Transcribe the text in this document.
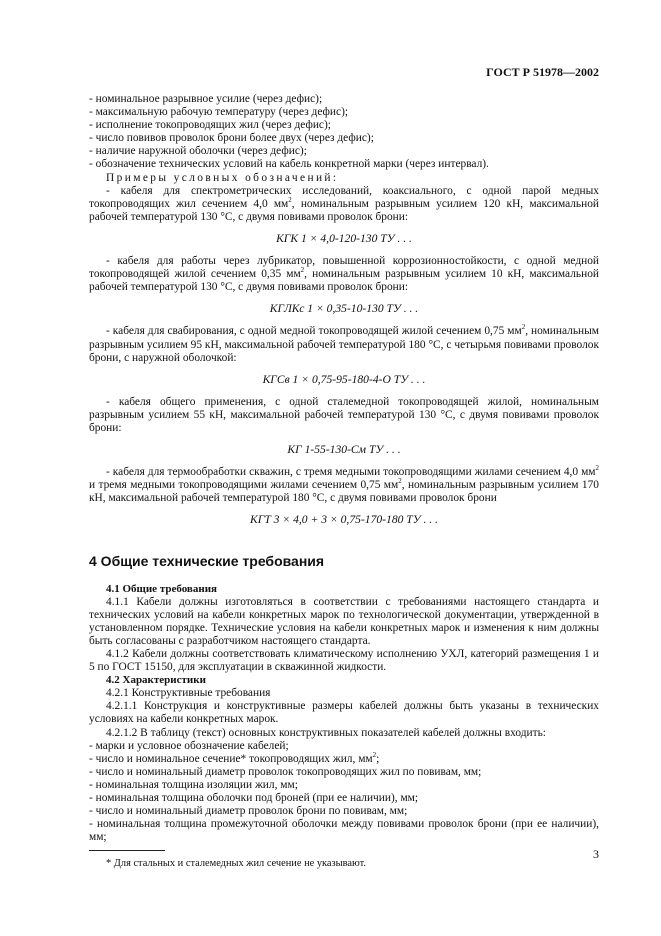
ГОСТ Р 51978—2002

- номинальное разрывное усилие (через дефис);

- максимальную рабочую температуру (через дефис);

- исполнение токопроводящих жил (через дефис);

- число повивов проволок брони более двух (через дефис);

- наличие наружной оболочки (через дефис);

- обозначение технических условий на кабель конкретной марки (через интервал).

Примеры условных обозначений:

- кабеля для спектрометрических исследований, коаксиального, с одной парой медных токопроводящих жил сечением 4,0 $мм^2$, номинальным разрывным усилием 120 кН, максимальной рабочей температурой 130 °С, с двумя повивами проволок брони:

КГК 1 × 4,0-120-130 ТУ . . .

- кабеля для работы через лубрикатор, повышенной коррозионностойкости, с одной медной токопроводящей жилой сечением 0,35 $мм^2$, номинальным разрывным усилием 10 кН, максимальной рабочей температурой 130 °С, с двумя повивами проволок брони:

КГЛКс 1 × 0,35-10-130 ТУ . . .

- кабеля для свабирования, с одной медной токопроводящей жилой сечением 0,75 $мм^2$, номинальным разрывным усилием 95 кН, максимальной рабочей температурой 180 °С, с четырьмя повивами проволок брони, с наружной оболочкой:

КГСв 1 × 0,75-95-180-4-О ТУ . . .

- кабеля общего применения, с одной сталемедной токопроводящей жилой, номинальным разрывным усилием 55 кН, максимальной рабочей температурой 130 °С, с двумя повивами проволок брони:

КГ 1-55-130-См ТУ . . .

- кабеля для термообработки скважин, с тремя медными токопроводящими жилами сечением 4,0 $мм^2$ и тремя медными токопроводящими жилами сечением 0,75 $мм^2$, номинальным разрывным усилием 170 кН, максимальной рабочей температурой 180 °С, с двумя повивами проволок брони

КГТ 3 × 4,0 + 3 × 0,75-170-180 ТУ . . .

4 Общие технические требования

4.1 Общие требования

4.1.1 Кабели должны изготовляться в соответствии с требованиями настоящего стандарта и технических условий на кабели конкретных марок по технологической документации, утвержденной в установленном порядке. Технические условия на кабели конкретных марок и изменения к ним должны быть согласованы с разработчиком настоящего стандарта.

4.1.2 Кабели должны соответствовать климатическому исполнению УХЛ, категорий размещения 1 и 5 по ГОСТ 15150, для эксплуатации в скважинной жидкости.

4.2 Характеристики

4.2.1 Конструктивные требования

4.2.1.1 Конструкция и конструктивные размеры кабелей должны быть указаны в технических условиях на кабели конкретных марок.

4.2.1.2 В таблицу (текст) основных конструктивных показателей кабелей должны входить:

- марки и условное обозначение кабелей;

- число и номинальное сечение* токопроводящих жил, $мм^2$;

- число и номинальный диаметр проволок токопроводящих жил по повивам, мм;

- номинальная толщина изоляции жил, мм;

- номинальная толщина оболочки под броней (при ее наличии), мм;

- число и номинальный диаметр проволок брони по повивам, мм;

- номинальная толщина промежуточной оболочки между повивами проволок брони (при ее наличии), мм;

* Для стальных и сталемедных жил сечение не указывают.

3
